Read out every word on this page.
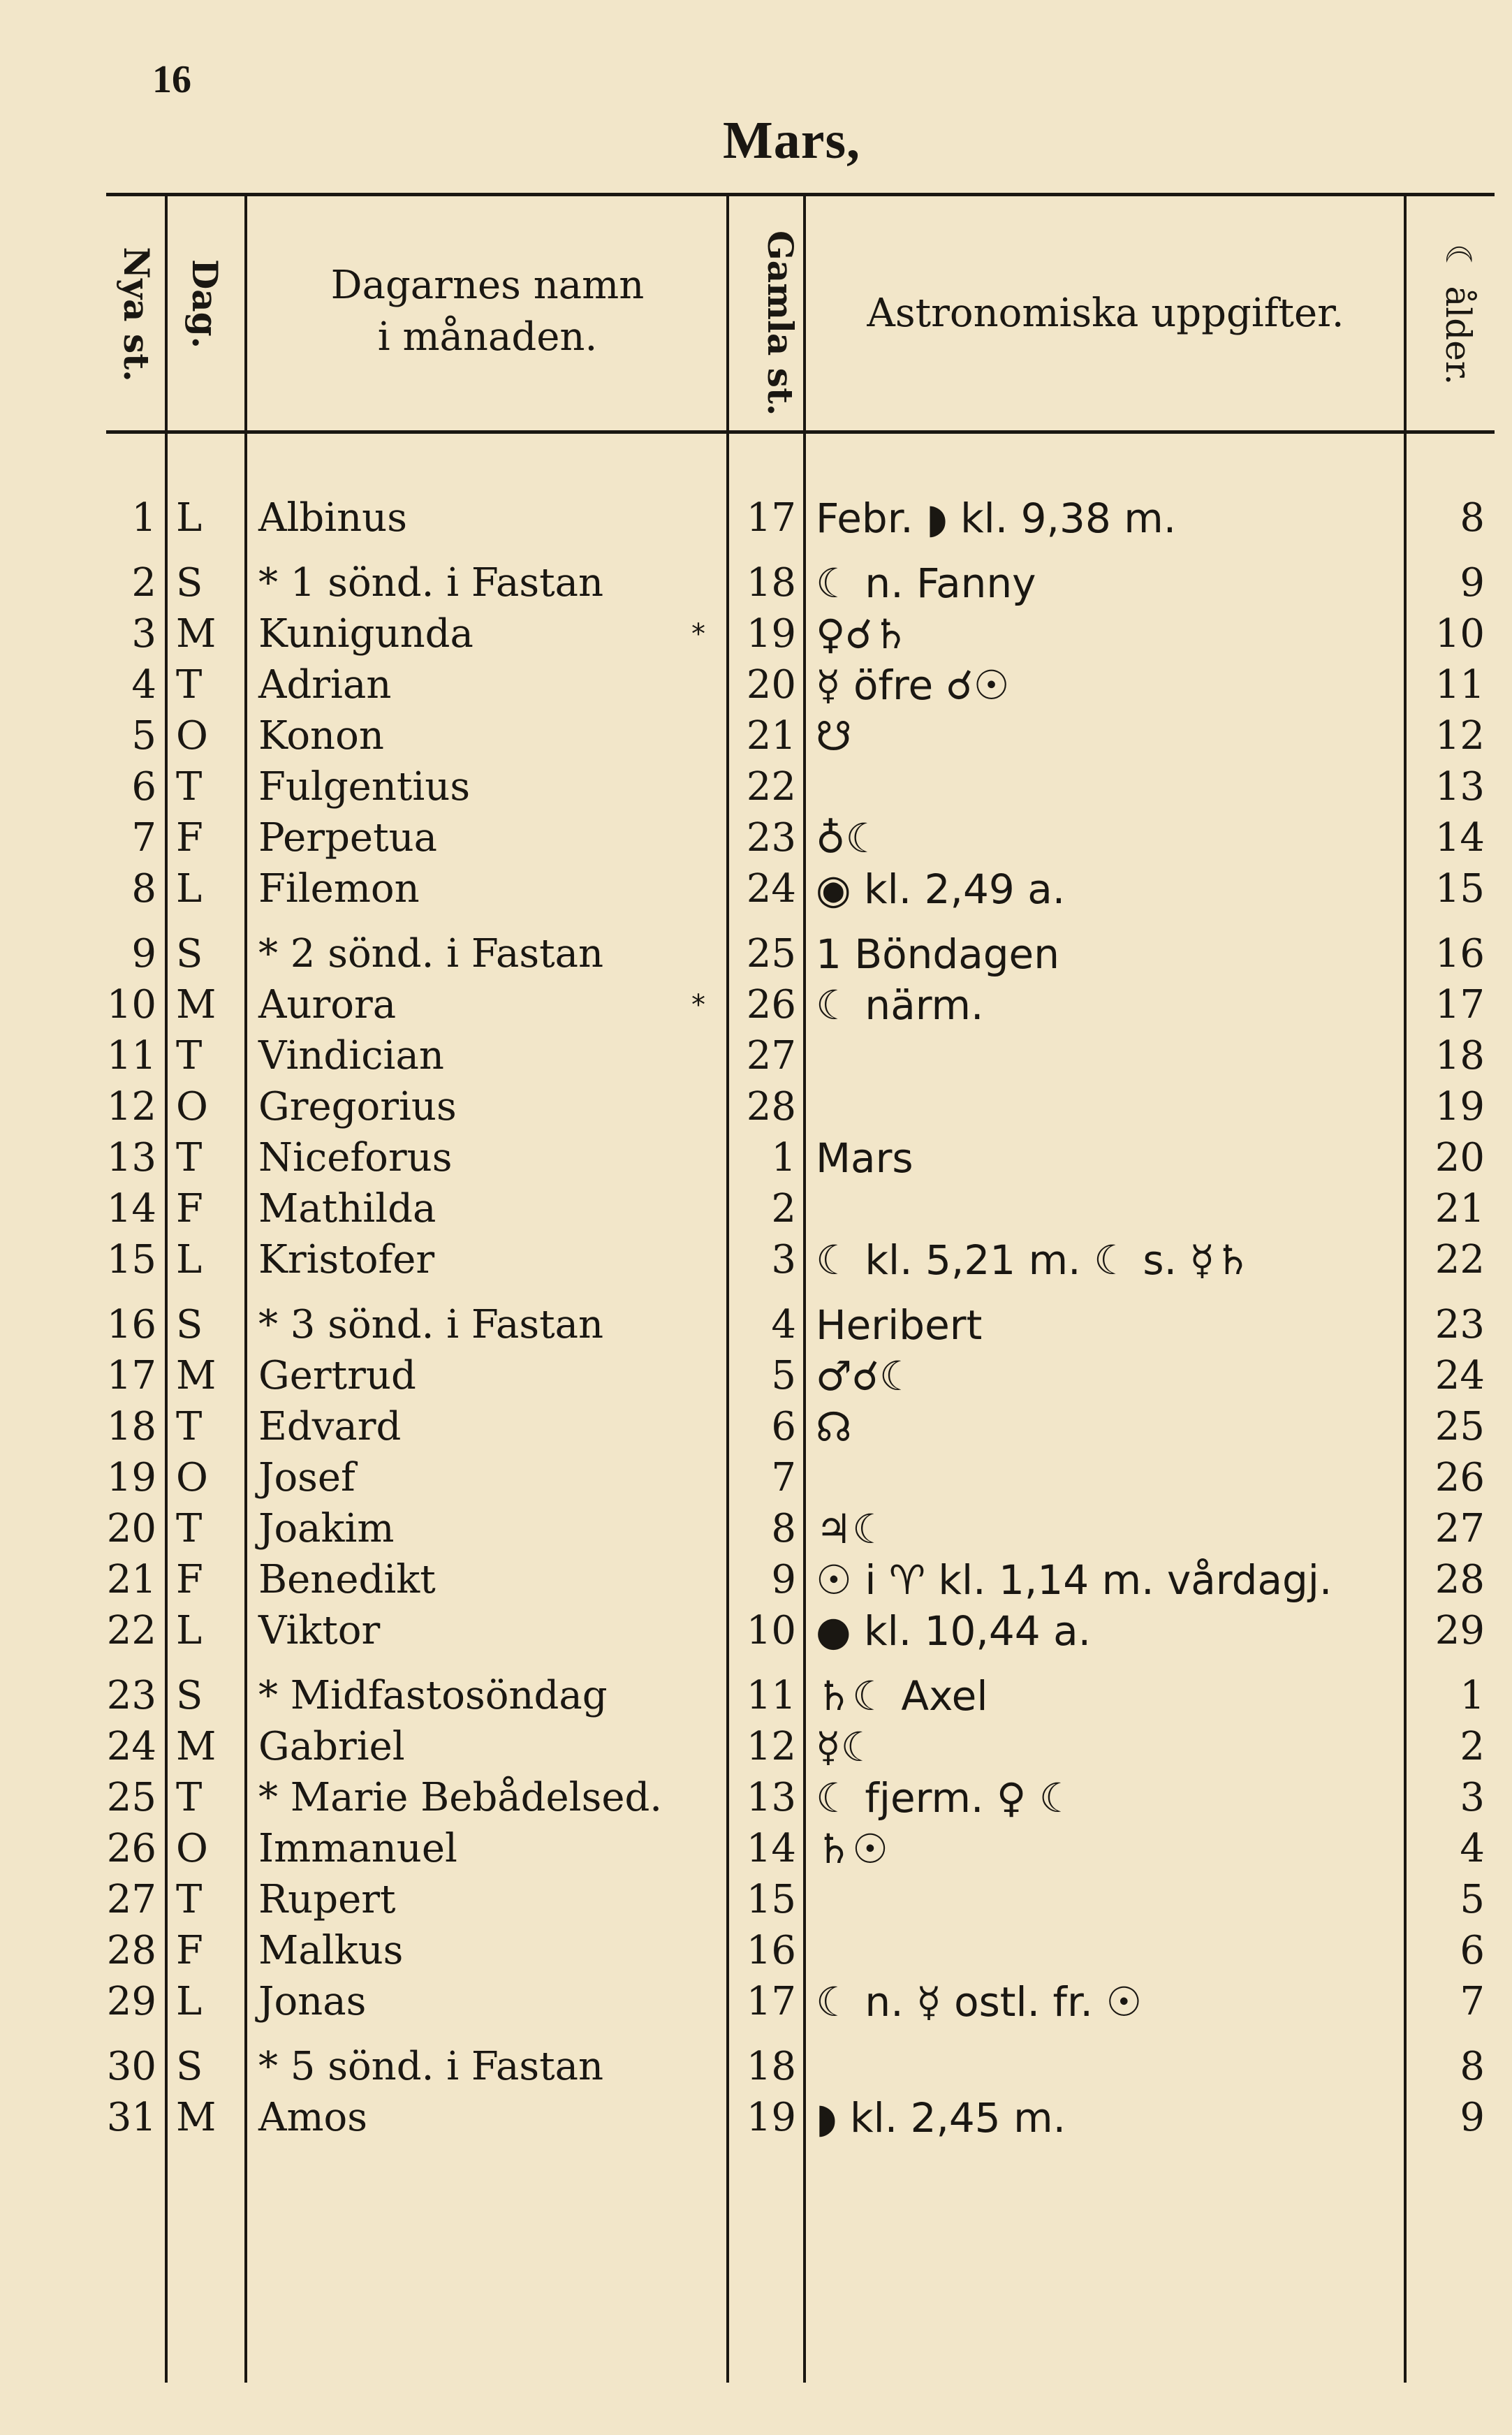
16
Mars,
Nya st. Dag.	Dagarnes namn
i månaden.	Gamla st.	Astronomiska uppgifter.	☾ ålder.
1 L	Albinus	17 Febr. ◗ kl. 9,38 m.	8
2 S	* 1 sönd. i Fastan	18 ☾ n. Fanny	9
3 M	Kunigunda	*	19 ♀☌♄	10
4 T	Adrian	20 ☿ öfre ☌☉	11
5 O	Konon	21 ☋	12
6 T	Fulgentius	22	13
7 F	Perpetua	23 ♁☾	14
8 L	Filemon	24 ◉ kl. 2,49 a.	15
9 S	* 2 sönd. i Fastan	25 1 Böndagen	16
10 M	Aurora	*	26 ☾ närm.	17
11 T	Vindician	27	18
12 O	Gregorius	28	19
13 T	Niceforus	1 Mars	20
14 F	Mathilda	2	21
15 L	Kristofer	3 ☾ kl. 5,21 m. ☾ s. ☿♄	22
16 S	* 3 sönd. i Fastan	4 Heribert	23
17 M	Gertrud	5 ♂☌☾	24
18 T	Edvard	6 ☊	25
19 O	Josef	7	26
20 T	Joakim	8 ♃☾	27
21 F	Benedikt	9 ☉ i ♈ kl. 1,14 m. vårdagj.	28
22 L	Viktor	10 ● kl. 10,44 a.	29
23 S	* Midfastosöndag	11 ♄☾ Axel	1
24 M	Gabriel	12 ☿☾	2
25 T	* Marie Bebådelsed.	13 ☾ fjerm. ♀ ☾	3
26 O	Immanuel	14 ♄☉	4
27 T	Rupert	15	5
28 F	Malkus	16	6
29 L	Jonas	17 ☾ n. ☿ ostl. fr. ☉	7
30 S	* 5 sönd. i Fastan	18	8
31 M	Amos	19 ◗ kl. 2,45 m.	9
